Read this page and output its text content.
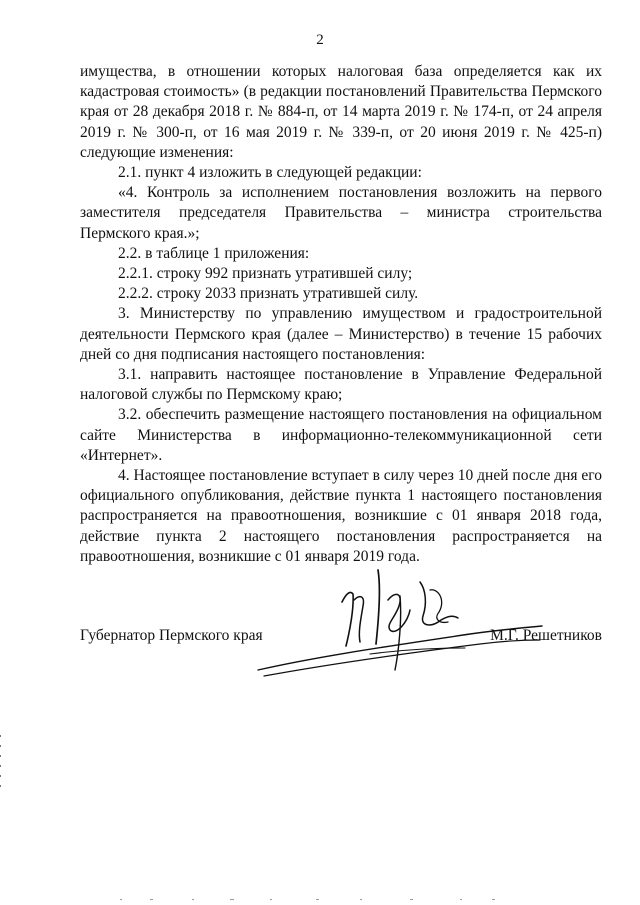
2

имущества, в отношении которых налоговая база определяется как их кадастровая стоимость» (в редакции постановлений Правительства Пермского края от 28 декабря 2018 г. № 884-п, от 14 марта 2019 г. № 174-п, от 24 апреля 2019 г. № 300-п, от 16 мая 2019 г. № 339-п, от 20 июня 2019 г. № 425-п) следующие изменения:

2.1. пункт 4 изложить в следующей редакции:

«4. Контроль за исполнением постановления возложить на первого заместителя председателя Правительства – министра строительства Пермского края.»;

2.2. в таблице 1 приложения:

2.2.1. строку 992 признать утратившей силу;

2.2.2. строку 2033 признать утратившей силу.

3. Министерству по управлению имуществом и градостроительной деятельности Пермского края (далее – Министерство) в течение 15 рабочих дней со дня подписания настоящего постановления:

3.1. направить настоящее постановление в Управление Федеральной налоговой службы по Пермскому краю;

3.2. обеспечить размещение настоящего постановления на официальном сайте Министерства в информационно-телекоммуникационной сети «Интернет».

4. Настоящее постановление вступает в силу через 10 дней после дня его официального опубликования, действие пункта 1 настоящего постановления распространяется на правоотношения, возникшие с 01 января 2018 года, действие пункта 2 настоящего постановления распространяется на правоотношения, возникшие с 01 января 2019 года.

Губернатор Пермского края	М.Г. Решетников
